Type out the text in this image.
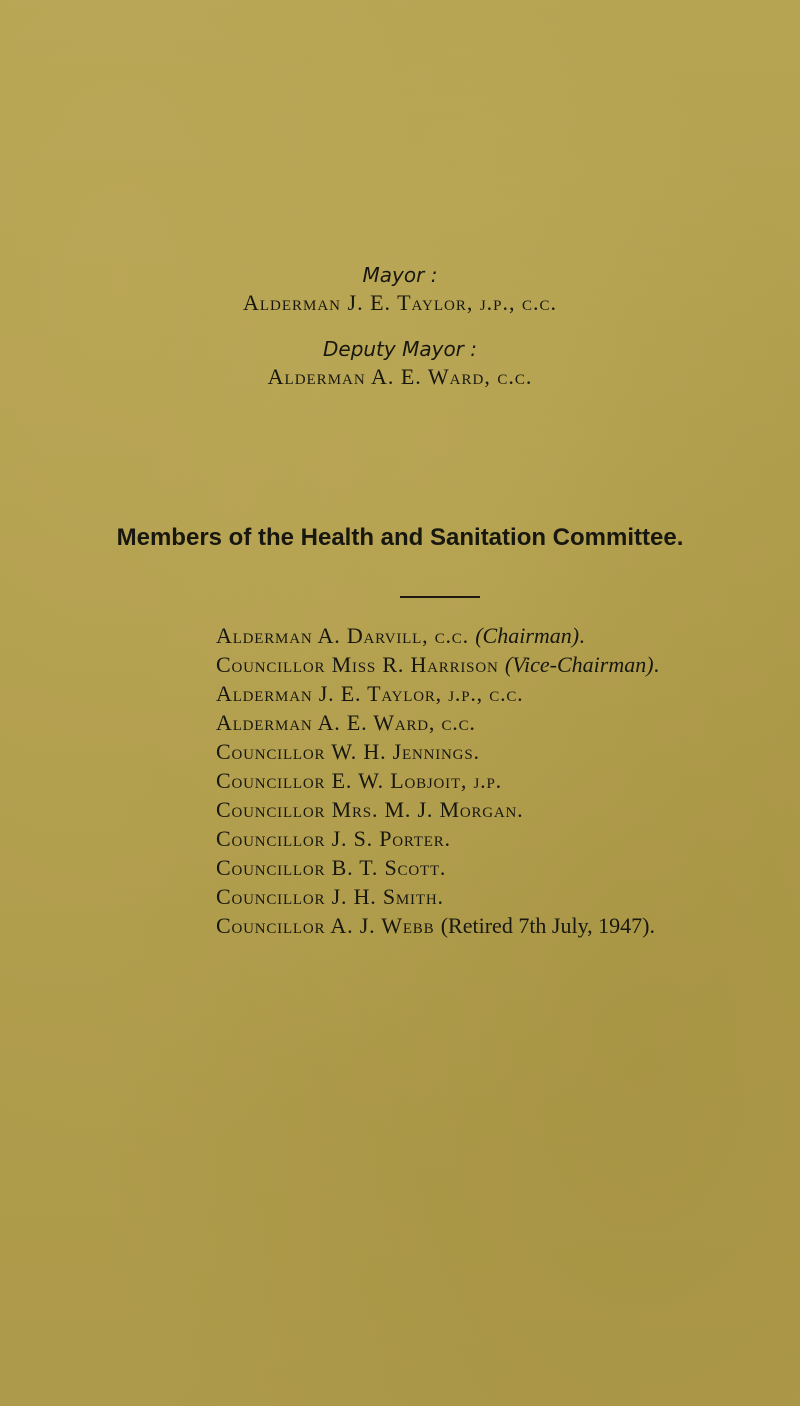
Mayor :

Alderman J. E. Taylor, j.p., c.c.

Deputy Mayor :

Alderman A. E. Ward, c.c.

Members of the Health and Sanitation Committee.
Alderman A. Darvill, c.c. (Chairman).
Councillor Miss R. Harrison (Vice-Chairman).
Alderman J. E. Taylor, j.p., c.c.
Alderman A. E. Ward, c.c.
Councillor W. H. Jennings.
Councillor E. W. Lobjoit, j.p.
Councillor Mrs. M. J. Morgan.
Councillor J. S. Porter.
Councillor B. T. Scott.
Councillor J. H. Smith.
Councillor A. J. Webb (Retired 7th July, 1947).
